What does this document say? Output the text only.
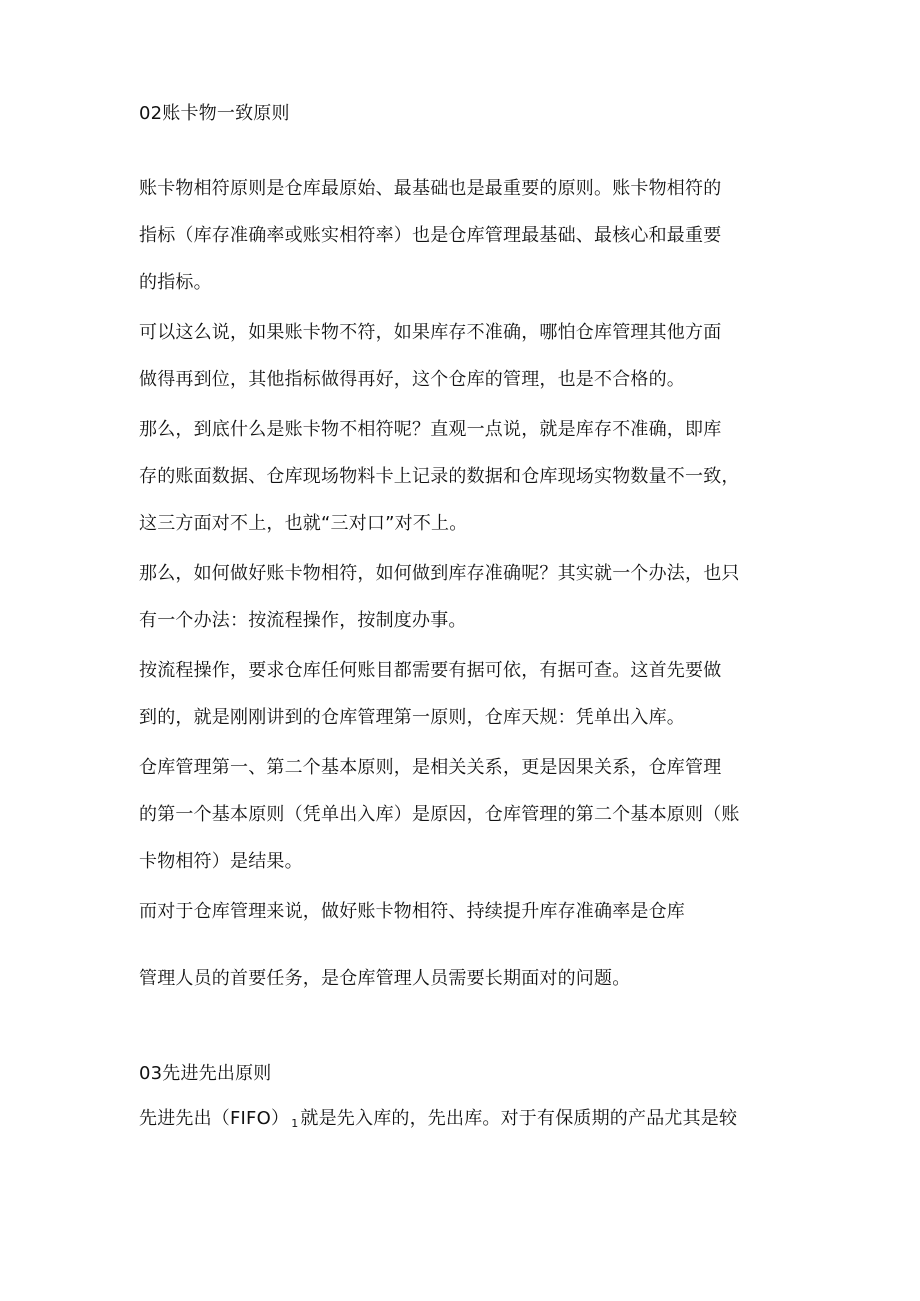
02账卡物一致原则
账卡物相符原则是仓库最原始、最基础也是最重要的原则。账卡物相符的
指标（库存准确率或账实相符率）也是仓库管理最基础、最核心和最重要
的指标。
可以这么说，如果账卡物不符，如果库存不准确，哪怕仓库管理其他方面
做得再到位，其他指标做得再好，这个仓库的管理，也是不合格的。
那么，到底什么是账卡物不相符呢？直观一点说，就是库存不准确，即库
存的账面数据、仓库现场物料卡上记录的数据和仓库现场实物数量不一致，
这三方面对不上，也就“三对口”对不上。
那么，如何做好账卡物相符，如何做到库存准确呢？其实就一个办法，也只
有一个办法：按流程操作，按制度办事。
按流程操作，要求仓库任何账目都需要有据可依，有据可查。这首先要做
到的，就是刚刚讲到的仓库管理第一原则，仓库天规：凭单出入库。
仓库管理第一、第二个基本原则，是相关关系，更是因果关系，仓库管理
的第一个基本原则（凭单出入库）是原因，仓库管理的第二个基本原则（账
卡物相符）是结果。
而对于仓库管理来说，做好账卡物相符、持续提升库存准确率是仓库
管理人员的首要任务，是仓库管理人员需要长期面对的问题。
03先进先出原则
先进先出（FIFO） $_1$ 就是先入库的，先出库。对于有保质期的产品尤其是较
